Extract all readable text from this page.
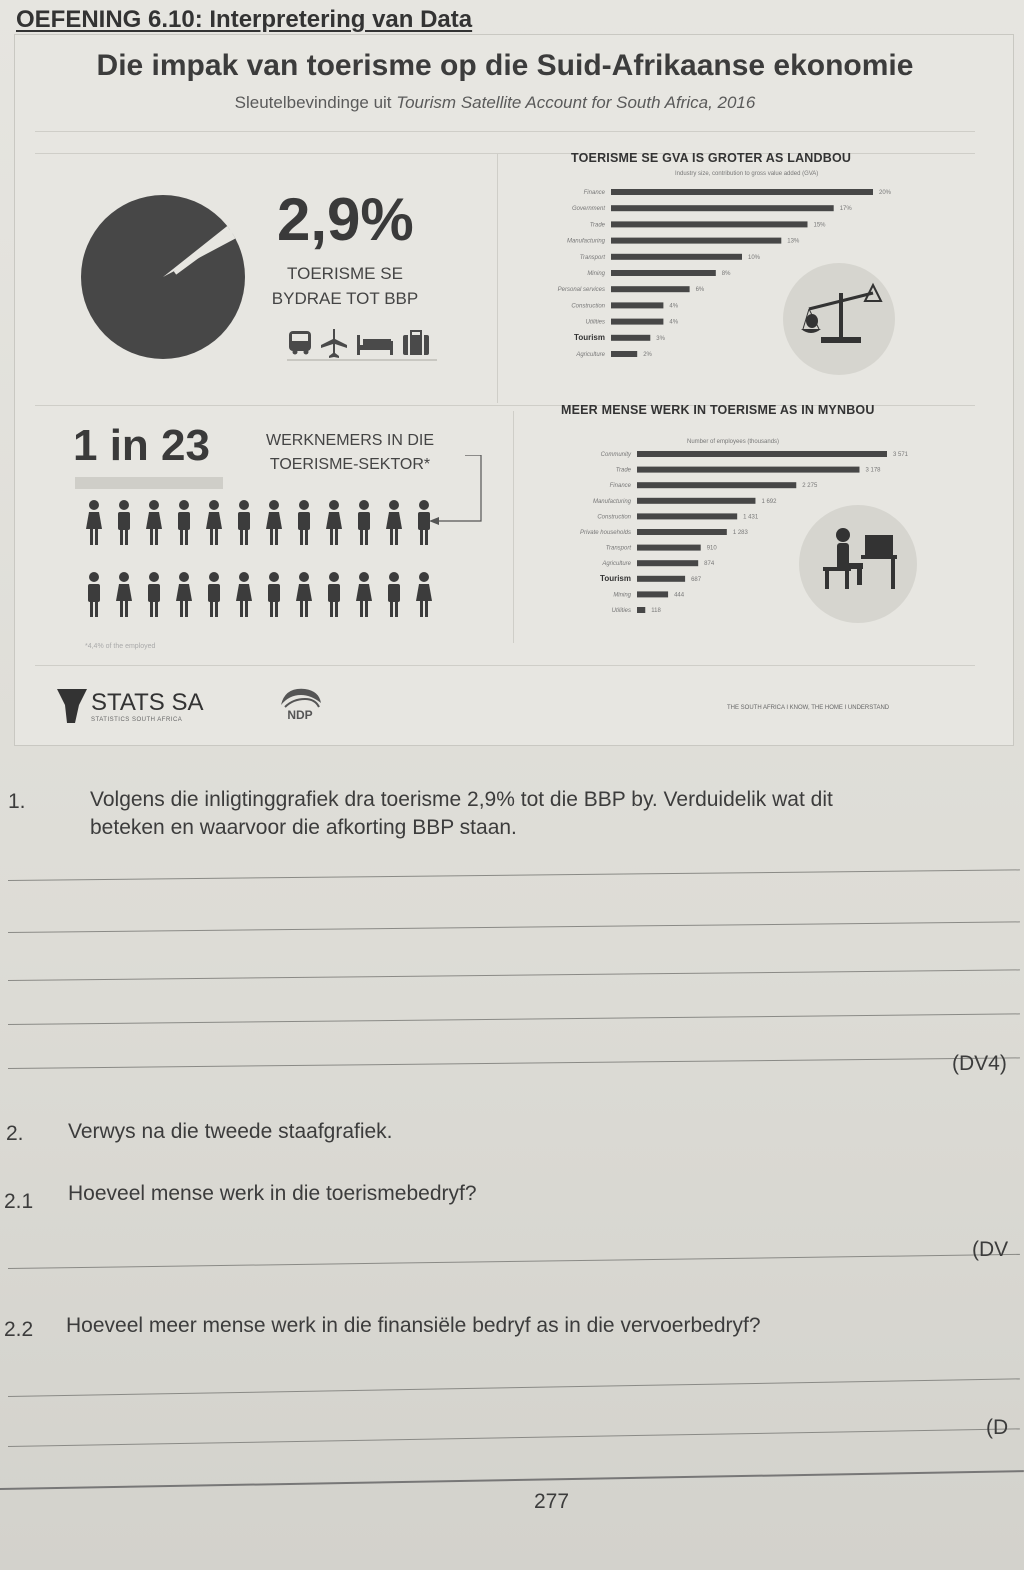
OEFENING 6.10: Interpretering van Data
Die impak van toerisme op die Suid-Afrikaanse ekonomie
Sleutelbevindinge uit Tourism Satellite Account for South Africa, 2016
2,9%
TOERISME SE
BYDRAE TOT BBP
TOERISME SE GVA IS GROTER AS LANDBOU
Industry size, contribution to gross value added (GVA)
Finance	20%
Government	17%
Trade	15%
Manufacturing	13%
Transport	10%
Mining	8%
Personal services	6%
Construction	4%
Utilities	4%
Tourism	3%
Agriculture	2%
MEER MENSE WERK IN TOERISME AS IN MYNBOU
Number of employees (thousands)
Community	3 571
Trade	3 178
Finance	2 275
Manufacturing	1 692
Construction	1 431
Private households	1 283
Transport	910
Agriculture	874
Tourism	687
Mining	444
Utilities	118
1 in 23	WERKNEMERS IN DIE
TOERISME-SEKTOR*
*4,4% of the employed
STATS SA
STATISTICS SOUTH AFRICA	NDP	THE SOUTH AFRICA I KNOW, THE HOME I UNDERSTAND
1.	Volgens die inligtinggrafiek dra toerisme 2,9% tot die BBP by. Verduidelik wat dit
beteken en waarvoor die afkorting BBP staan.
(DV4)
2. Verwys na die tweede staafgrafiek.
2.1 Hoeveel mense werk in die toerismebedryf?
(DV
2.2 Hoeveel meer mense werk in die finansiële bedryf as in die vervoerbedryf?
(D
277
